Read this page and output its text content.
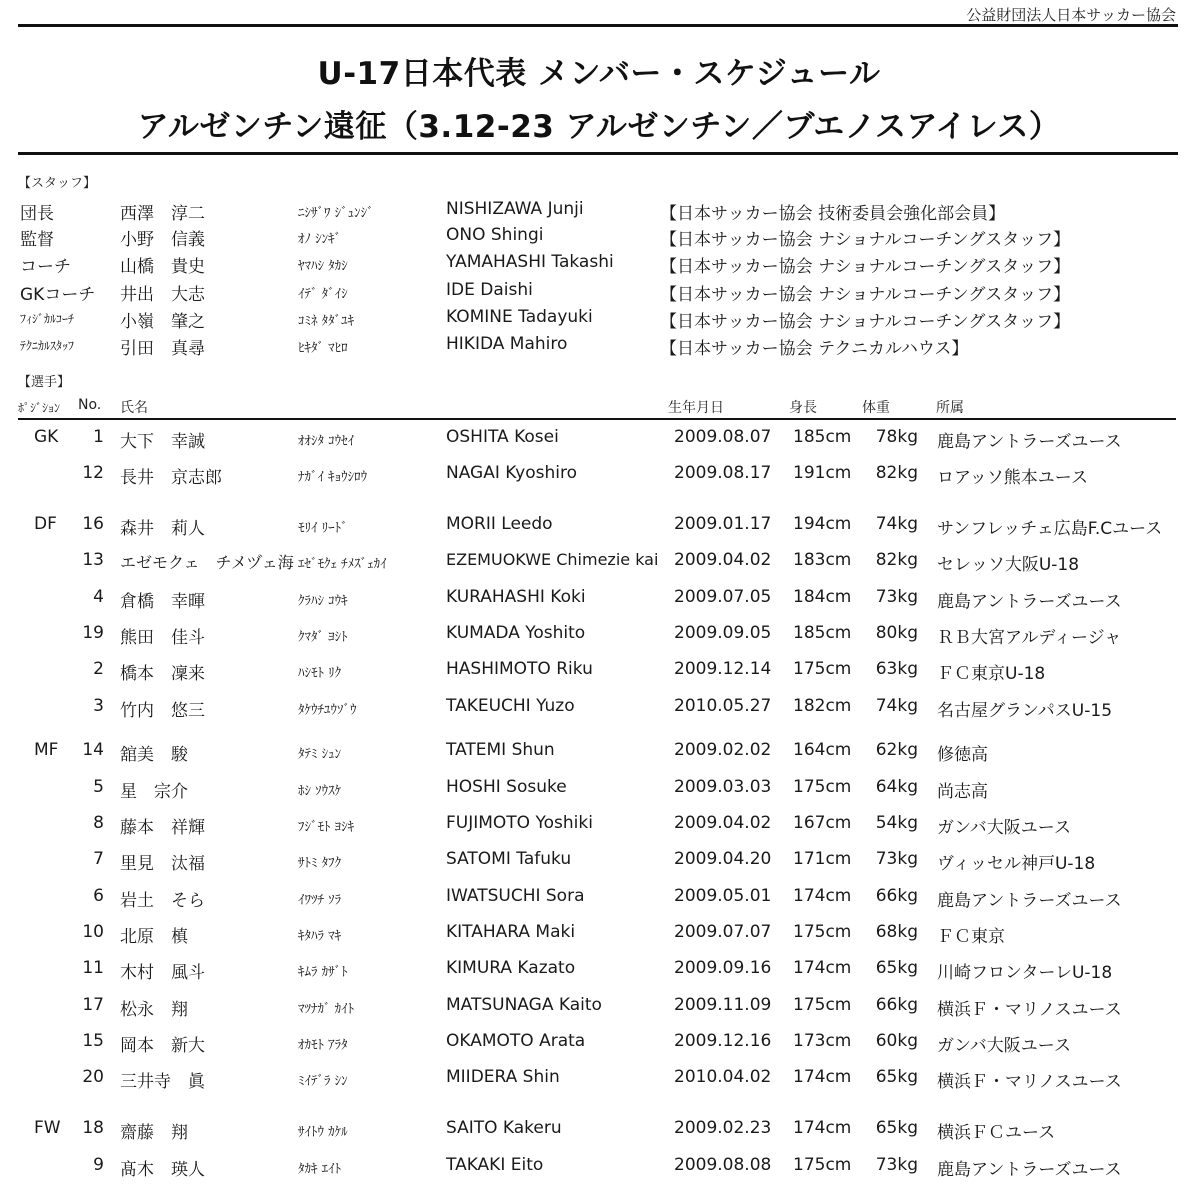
公益財団法人日本サッカー協会
U-17日本代表 メンバー・スケジュール
アルゼンチン遠征（3.12-23 アルゼンチン／ブエノスアイレス）
【スタッフ】
団長	西澤　淳二	ﾆｼｻﾞﾜ ｼﾞｭﾝｼﾞ	NISHIZAWA Junji	【日本サッカー協会 技術委員会強化部会員】
監督	小野　信義	ｵﾉ ｼﾝｷﾞ	ONO Shingi	【日本サッカー協会 ナショナルコーチングスタッフ】
コーチ	山橋　貴史	ﾔﾏﾊｼ ﾀｶｼ	YAMAHASHI Takashi	【日本サッカー協会 ナショナルコーチングスタッフ】
GKコーチ 井出　大志	ｲﾃﾞ ﾀﾞｲｼ	IDE Daishi	【日本サッカー協会 ナショナルコーチングスタッフ】
ﾌｨｼﾞｶﾙｺｰﾁ	小嶺　肇之	ｺﾐﾈ ﾀﾀﾞﾕｷ	KOMINE Tadayuki	【日本サッカー協会 ナショナルコーチングスタッフ】
ﾃｸﾆｶﾙｽﾀｯﾌ	引田　真尋	ﾋｷﾀﾞ ﾏﾋﾛ	HIKIDA Mahiro	【日本サッカー協会 テクニカルハウス】
【選手】
ﾎﾟｼﾞｼｮﾝ No. 氏名	生年月日	身長	体重	所属
GK	1 大下　幸誠	ｵｵｼﾀ ｺｳｾｲ	OSHITA Kosei	2009.08.07 185cm	78kg 鹿島アントラーズユース
12 長井　京志郎	ﾅｶﾞｲ ｷｮｳｼﾛｳ	NAGAI Kyoshiro	2009.08.17 191cm	82kg ロアッソ熊本ユース
DF	16 森井　莉人	ﾓﾘｲ ﾘｰﾄﾞ	MORII Leedo	2009.01.17 194cm	74kg サンフレッチェ広島F.Cユース
13 エゼモクェ　チメヅェ海 ｴｾﾞﾓｸｪ ﾁﾒｽﾞｪｶｲ	EZEMUOKWE Chimezie kai 2009.04.02 183cm	82kg セレッソ大阪U-18
4 倉橋　幸暉	ｸﾗﾊｼ ｺｳｷ	KURAHASHI Koki	2009.07.05 184cm	73kg 鹿島アントラーズユース
19 熊田　佳斗	ｸﾏﾀﾞ ﾖｼﾄ	KUMADA Yoshito	2009.09.05 185cm	80kg ＲＢ大宮アルディージャ
2 橋本　凜来	ﾊｼﾓﾄ ﾘｸ	HASHIMOTO Riku	2009.12.14 175cm	63kg ＦＣ東京U-18
3 竹内　悠三	ﾀｹｳﾁﾕｳｿﾞｳ	TAKEUCHI Yuzo	2010.05.27 182cm	74kg 名古屋グランパスU-15
MF	14 舘美　駿	ﾀﾃﾐ ｼｭﾝ	TATEMI Shun	2009.02.02 164cm	62kg 修徳高
5 星　宗介	ﾎｼ ｿｳｽｹ	HOSHI Sosuke	2009.03.03 175cm	64kg 尚志高
8 藤本　祥輝	ﾌｼﾞﾓﾄ ﾖｼｷ	FUJIMOTO Yoshiki	2009.04.02 167cm	54kg ガンバ大阪ユース
7 里見　汰福	ｻﾄﾐ ﾀﾌｸ	SATOMI Tafuku	2009.04.20 171cm	73kg ヴィッセル神戸U-18
6 岩土　そら	ｲﾜﾂﾁ ｿﾗ	IWATSUCHI Sora	2009.05.01 174cm	66kg 鹿島アントラーズユース
10 北原　槙	ｷﾀﾊﾗ ﾏｷ	KITAHARA Maki	2009.07.07 175cm	68kg ＦＣ東京
11 木村　風斗	ｷﾑﾗ ｶｻﾞﾄ	KIMURA Kazato	2009.09.16 174cm	65kg 川崎フロンターレU-18
17 松永　翔	ﾏﾂﾅｶﾞ ｶｲﾄ	MATSUNAGA Kaito	2009.11.09 175cm	66kg 横浜Ｆ・マリノスユース
15 岡本　新大	ｵｶﾓﾄ ｱﾗﾀ	OKAMOTO Arata	2009.12.16 173cm	60kg ガンバ大阪ユース
20 三井寺　眞	ﾐｲﾃﾞﾗ ｼﾝ	MIIDERA Shin	2010.04.02 174cm	65kg 横浜Ｆ・マリノスユース
FW	18 齋藤　翔	ｻｲﾄｳ ｶｹﾙ	SAITO Kakeru	2009.02.23 174cm	65kg 横浜ＦＣユース
9 髙木　瑛人	ﾀｶｷ ｴｲﾄ	TAKAKI Eito	2009.08.08 175cm	73kg 鹿島アントラーズユース
